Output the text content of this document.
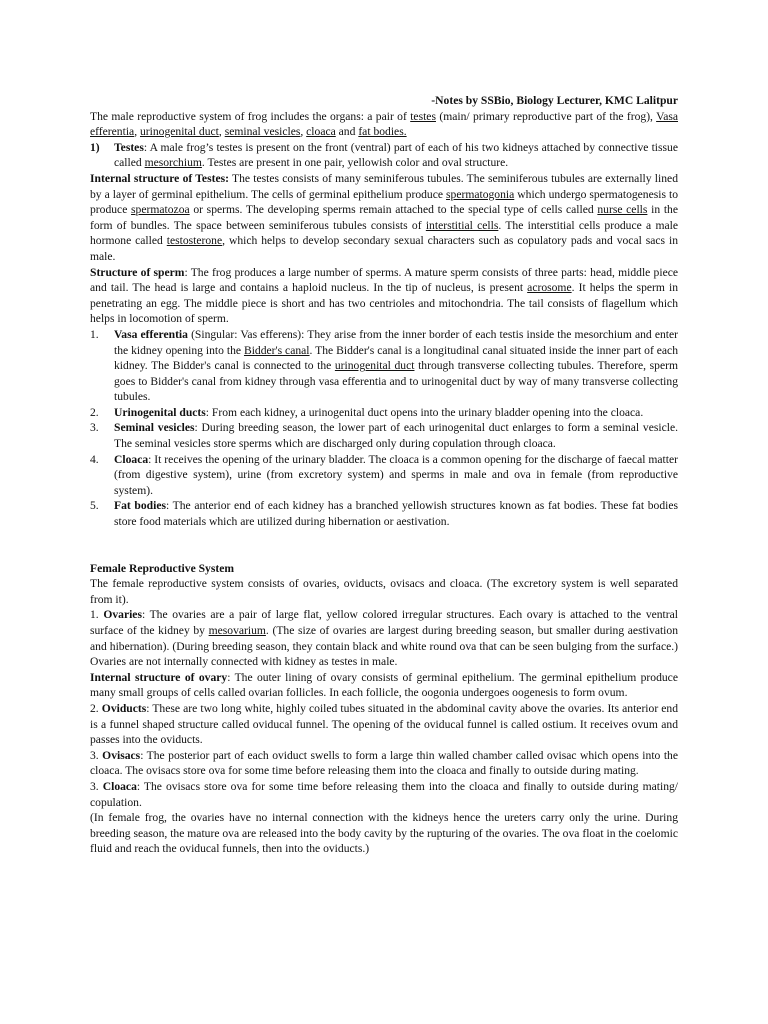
-Notes by SSBio, Biology Lecturer, KMC Lalitpur

The male reproductive system of frog includes the organs: a pair of testes (main/ primary reproductive part of the frog), Vasa efferentia, urinogenital duct, seminal vesicles, cloaca and fat bodies.

1) Testes: A male frog’s testes is present on the front (ventral) part of each of his two kidneys attached by connective tissue called mesorchium. Testes are present in one pair, yellowish color and oval structure.

Internal structure of Testes: The testes consists of many seminiferous tubules. The seminiferous tubules are externally lined by a layer of germinal epithelium. The cells of germinal epithelium produce spermatogonia which undergo spermatogenesis to produce spermatozoa or sperms. The developing sperms remain attached to the special type of cells called nurse cells in the form of bundles. The space between seminiferous tubules consists of interstitial cells. The interstitial cells produce a male hormone called testosterone, which helps to develop secondary sexual characters such as copulatory pads and vocal sacs in male.

Structure of sperm: The frog produces a large number of sperms. A mature sperm consists of three parts: head, middle piece and tail. The head is large and contains a haploid nucleus. In the tip of nucleus, is present acrosome. It helps the sperm in penetrating an egg. The middle piece is short and has two centrioles and mitochondria. The tail consists of flagellum which helps in locomotion of sperm.

1. Vasa efferentia (Singular: Vas efferens): They arise from the inner border of each testis inside the mesorchium and enter the kidney opening into the Bidder's canal. The Bidder's canal is a longitudinal canal situated inside the inner part of each kidney. The Bidder's canal is connected to the urinogenital duct through transverse collecting tubules. Therefore, sperm goes to Bidder's canal from kidney through vasa efferentia and to urinogenital duct by way of many transverse collecting tubules.

2. Urinogenital ducts: From each kidney, a urinogenital duct opens into the urinary bladder opening into the cloaca.

3. Seminal vesicles: During breeding season, the lower part of each urinogenital duct enlarges to form a seminal vesicle. The seminal vesicles store sperms which are discharged only during copulation through cloaca.

4. Cloaca: It receives the opening of the urinary bladder. The cloaca is a common opening for the discharge of faecal matter (from digestive system), urine (from excretory system) and sperms in male and ova in female (from reproductive system).

5. Fat bodies: The anterior end of each kidney has a branched yellowish structures known as fat bodies. These fat bodies store food materials which are utilized during hibernation or aestivation.

Female Reproductive System

The female reproductive system consists of ovaries, oviducts, ovisacs and cloaca. (The excretory system is well separated from it).

1. Ovaries: The ovaries are a pair of large flat, yellow colored irregular structures. Each ovary is attached to the ventral surface of the kidney by mesovarium. (The size of ovaries are largest during breeding season, but smaller during aestivation and hibernation). (During breeding season, they contain black and white round ova that can be seen bulging from the surface.) Ovaries are not internally connected with kidney as testes in male.

Internal structure of ovary: The outer lining of ovary consists of germinal epithelium. The germinal epithelium produce many small groups of cells called ovarian follicles. In each follicle, the oogonia undergoes oogenesis to form ovum.

2. Oviducts: These are two long white, highly coiled tubes situated in the abdominal cavity above the ovaries. Its anterior end is a funnel shaped structure called oviducal funnel. The opening of the oviducal funnel is called ostium. It receives ovum and passes into the oviducts.

3. Ovisacs: The posterior part of each oviduct swells to form a large thin walled chamber called ovisac which opens into the cloaca. The ovisacs store ova for some time before releasing them into the cloaca and finally to outside during mating.

3. Cloaca: The ovisacs store ova for some time before releasing them into the cloaca and finally to outside during mating/ copulation.

(In female frog, the ovaries have no internal connection with the kidneys hence the ureters carry only the urine. During breeding season, the mature ova are released into the body cavity by the rupturing of the ovaries. The ova float in the coelomic fluid and reach the oviducal funnels, then into the oviducts.)
